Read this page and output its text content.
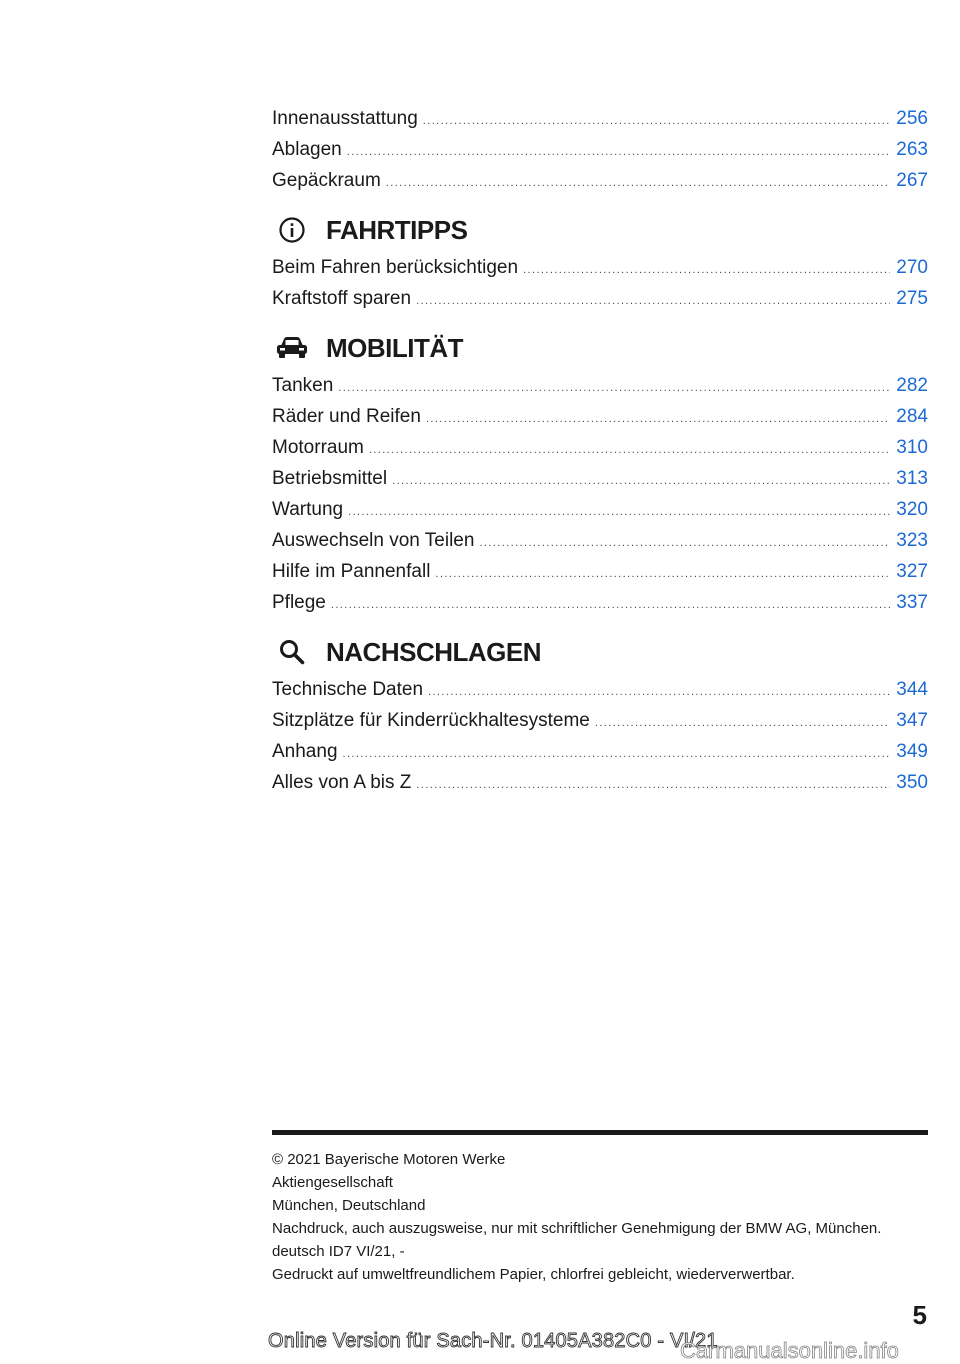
Innenausstattung .....	256
Ablagen .....	263
Gepäckraum .....	267
FAHRTIPPS
Beim Fahren berücksichtigen .....	270
Kraftstoff sparen .....	275
MOBILITÄT
Tanken .....	282
Räder und Reifen .....	284
Motorraum .....	310
Betriebsmittel .....	313
Wartung .....	320
Auswechseln von Teilen .....	323
Hilfe im Pannenfall .....	327
Pflege .....	337
NACHSCHLAGEN
Technische Daten .....	344
Sitzplätze für Kinderrückhaltesysteme .....	347
Anhang .....	349
Alles von A bis Z .....	350
© 2021 Bayerische Motoren Werke
Aktiengesellschaft
München, Deutschland
Nachdruck, auch auszugsweise, nur mit schriftlicher Genehmigung der BMW AG, München.
deutsch ID7 VI/21, -
Gedruckt auf umweltfreundlichem Papier, chlorfrei gebleicht, wiederverwertbar.
5
Online Version für Sach-Nr. 01405A382C0 - VI/21
Carmanualsonline.info
